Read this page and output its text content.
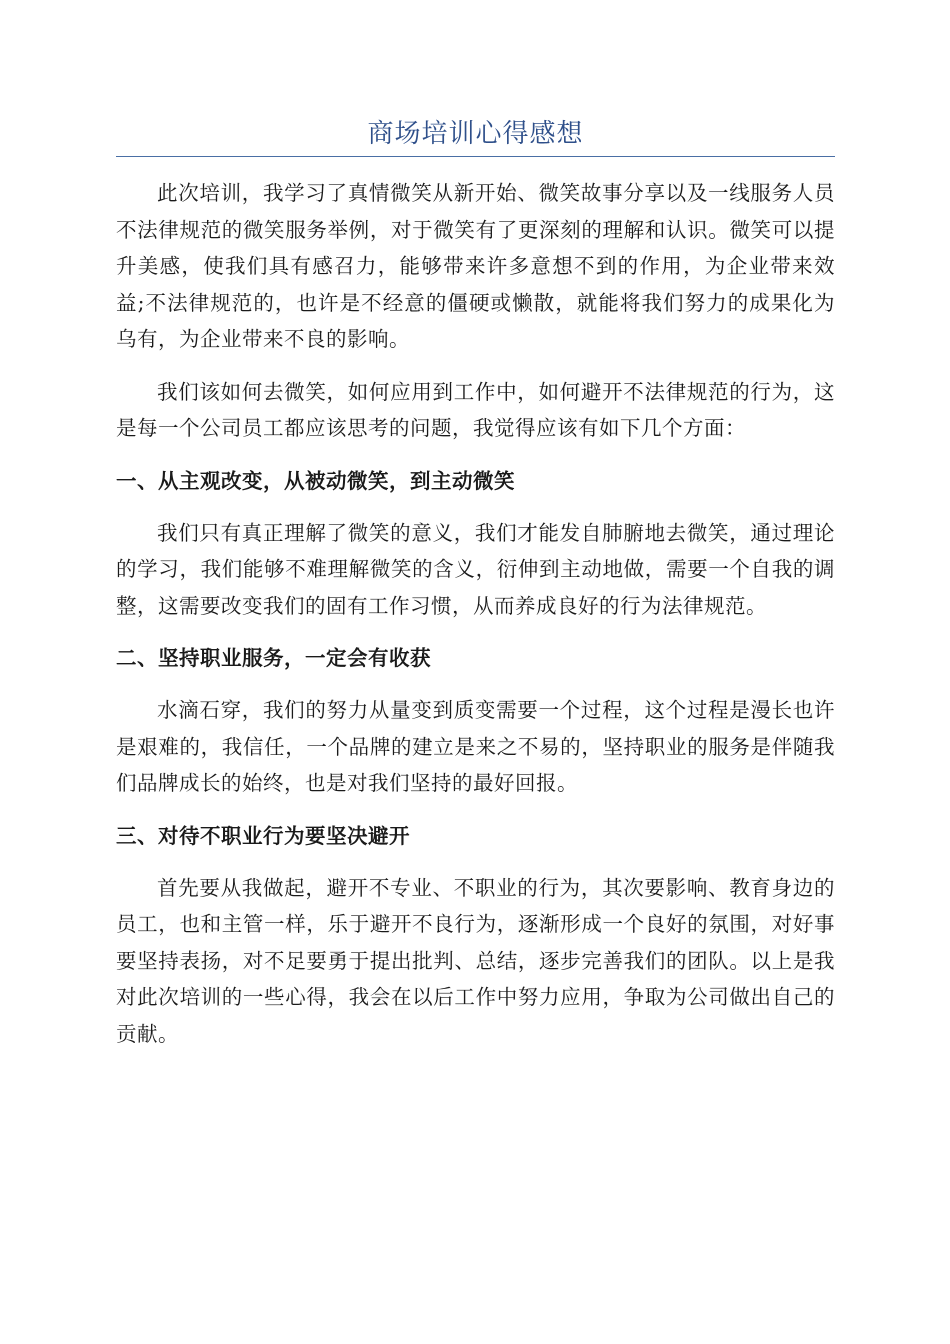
商场培训心得感想

此次培训，我学习了真情微笑从新开始、微笑故事分享以及一线服务人员不法律规范的微笑服务举例，对于微笑有了更深刻的理解和认识。微笑可以提升美感，使我们具有感召力，能够带来许多意想不到的作用，为企业带来效益;不法律规范的，也许是不经意的僵硬或懒散，就能将我们努力的成果化为乌有，为企业带来不良的影响。

我们该如何去微笑，如何应用到工作中，如何避开不法律规范的行为，这是每一个公司员工都应该思考的问题，我觉得应该有如下几个方面：

一、从主观改变，从被动微笑，到主动微笑

我们只有真正理解了微笑的意义，我们才能发自肺腑地去微笑，通过理论的学习，我们能够不难理解微笑的含义，衍伸到主动地做，需要一个自我的调整，这需要改变我们的固有工作习惯，从而养成良好的行为法律规范。

二、坚持职业服务，一定会有收获

水滴石穿，我们的努力从量变到质变需要一个过程，这个过程是漫长也许是艰难的，我信任，一个品牌的建立是来之不易的，坚持职业的服务是伴随我们品牌成长的始终，也是对我们坚持的最好回报。

三、对待不职业行为要坚决避开

首先要从我做起，避开不专业、不职业的行为，其次要影响、教育身边的员工，也和主管一样，乐于避开不良行为，逐渐形成一个良好的氛围，对好事要坚持表扬，对不足要勇于提出批判、总结，逐步完善我们的团队。以上是我对此次培训的一些心得，我会在以后工作中努力应用，争取为公司做出自己的贡献。
